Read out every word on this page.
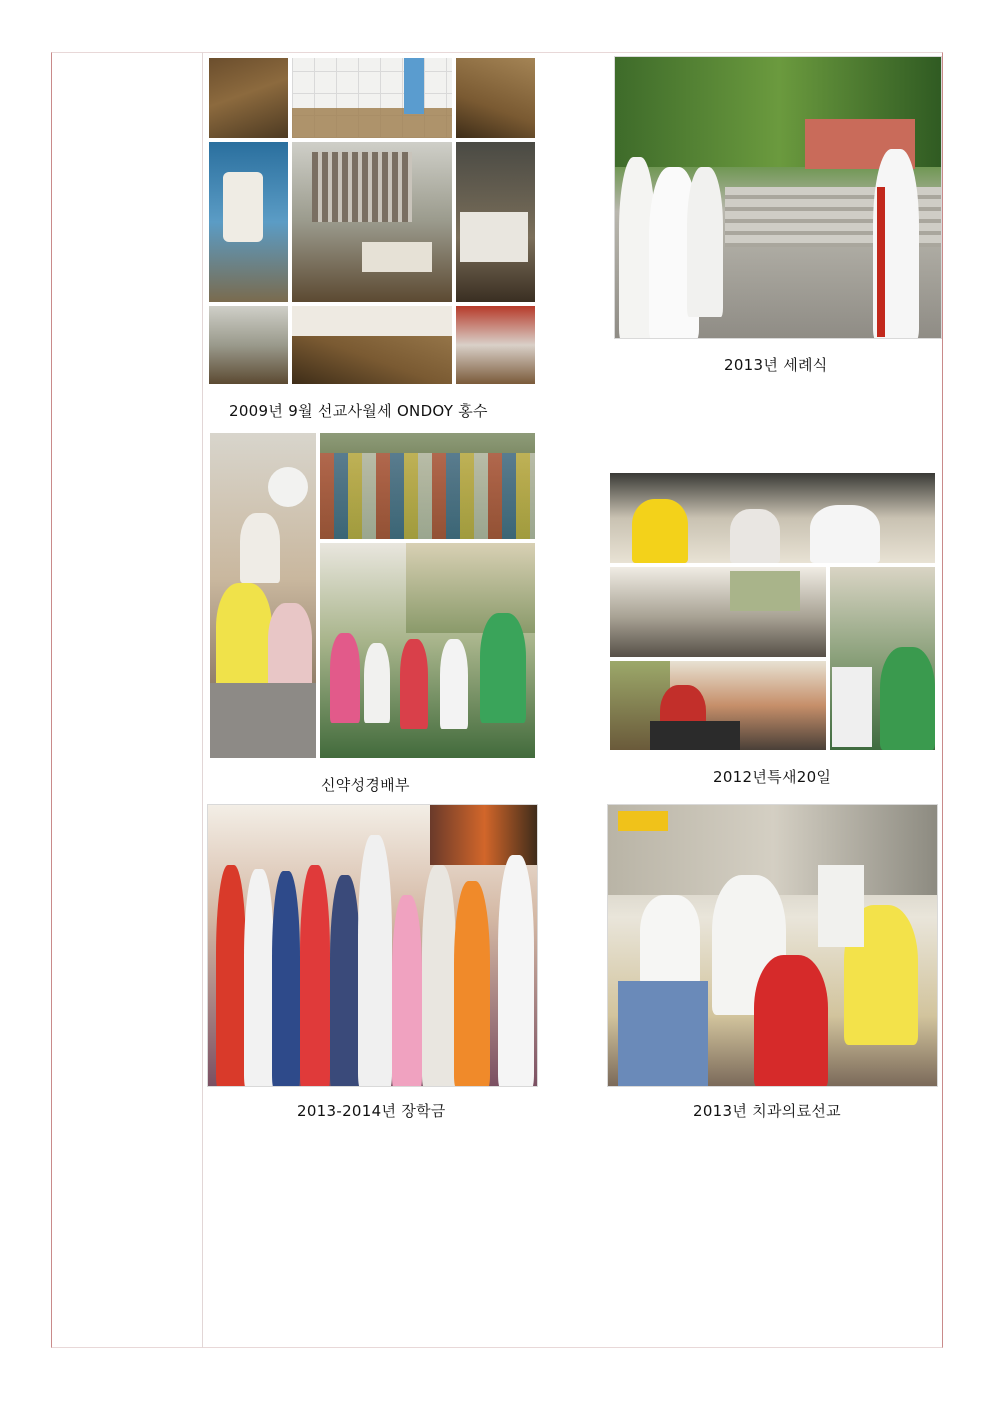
2009년 9월 선교사월세 ONDOY 홍수
2013년 세례식
신약성경배부	2012년특새20일
2013-2014년 장학금	2013년 치과의료선교
